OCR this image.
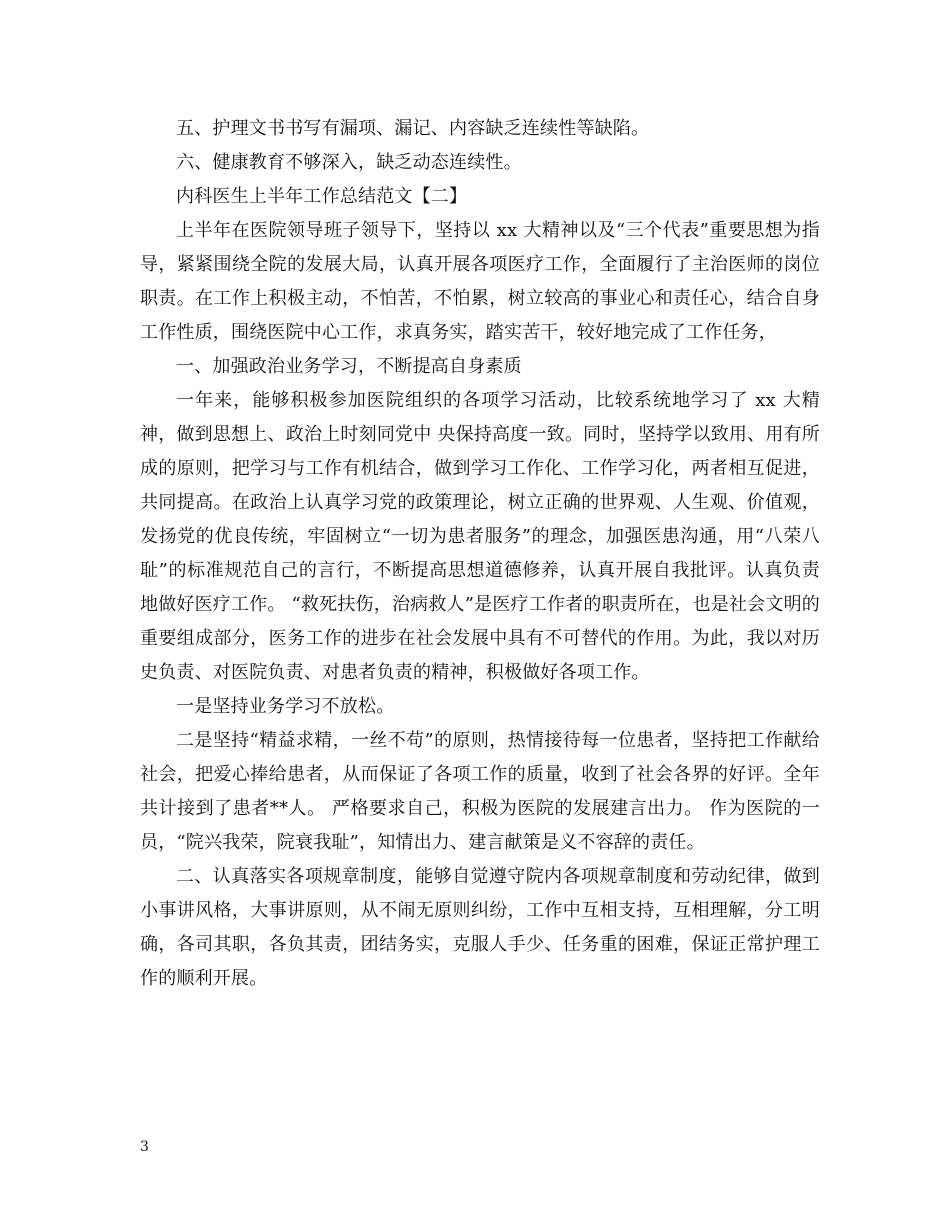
五、护理文书书写有漏项、漏记、内容缺乏连续性等缺陷。

六、健康教育不够深入，缺乏动态连续性。

内科医生上半年工作总结范文【二】

上半年在医院领导班子领导下，坚持以 xx 大精神以及“三个代表”重要思想为指导，紧紧围绕全院的发展大局，认真开展各项医疗工作，全面履行了主治医师的岗位职责。在工作上积极主动，不怕苦，不怕累，树立较高的事业心和责任心，结合自身工作性质，围绕医院中心工作，求真务实，踏实苦干，较好地完成了工作任务，

一、加强政治业务学习，不断提高自身素质

一年来，能够积极参加医院组织的各项学习活动，比较系统地学习了 xx 大精神，做到思想上、政治上时刻同党中 央保持高度一致。同时，坚持学以致用、用有所成的原则，把学习与工作有机结合，做到学习工作化、工作学习化，两者相互促进，共同提高。在政治上认真学习党的政策理论，树立正确的世界观、人生观、价值观，发扬党的优良传统，牢固树立“一切为患者服务”的理念，加强医患沟通，用“八荣八耻”的标准规范自己的言行，不断提高思想道德修养，认真开展自我批评。认真负责地做好医疗工作。 “救死扶伤，治病救人”是医疗工作者的职责所在，也是社会文明的重要组成部分，医务工作的进步在社会发展中具有不可替代的作用。为此，我以对历史负责、对医院负责、对患者负责的精神，积极做好各项工作。

一是坚持业务学习不放松。

二是坚持“精益求精，一丝不苟”的原则，热情接待每一位患者，坚持把工作献给社会，把爱心捧给患者，从而保证了各项工作的质量，收到了社会各界的好评。全年共计接到了患者**人。 严格要求自己，积极为医院的发展建言出力。 作为医院的一员，“院兴我荣，院衰我耻”，知情出力、建言献策是义不容辞的责任。

二、认真落实各项规章制度，能够自觉遵守院内各项规章制度和劳动纪律，做到小事讲风格，大事讲原则，从不闹无原则纠纷，工作中互相支持，互相理解，分工明确，各司其职，各负其责，团结务实，克服人手少、任务重的困难，保证正常护理工作的顺利开展。

3
